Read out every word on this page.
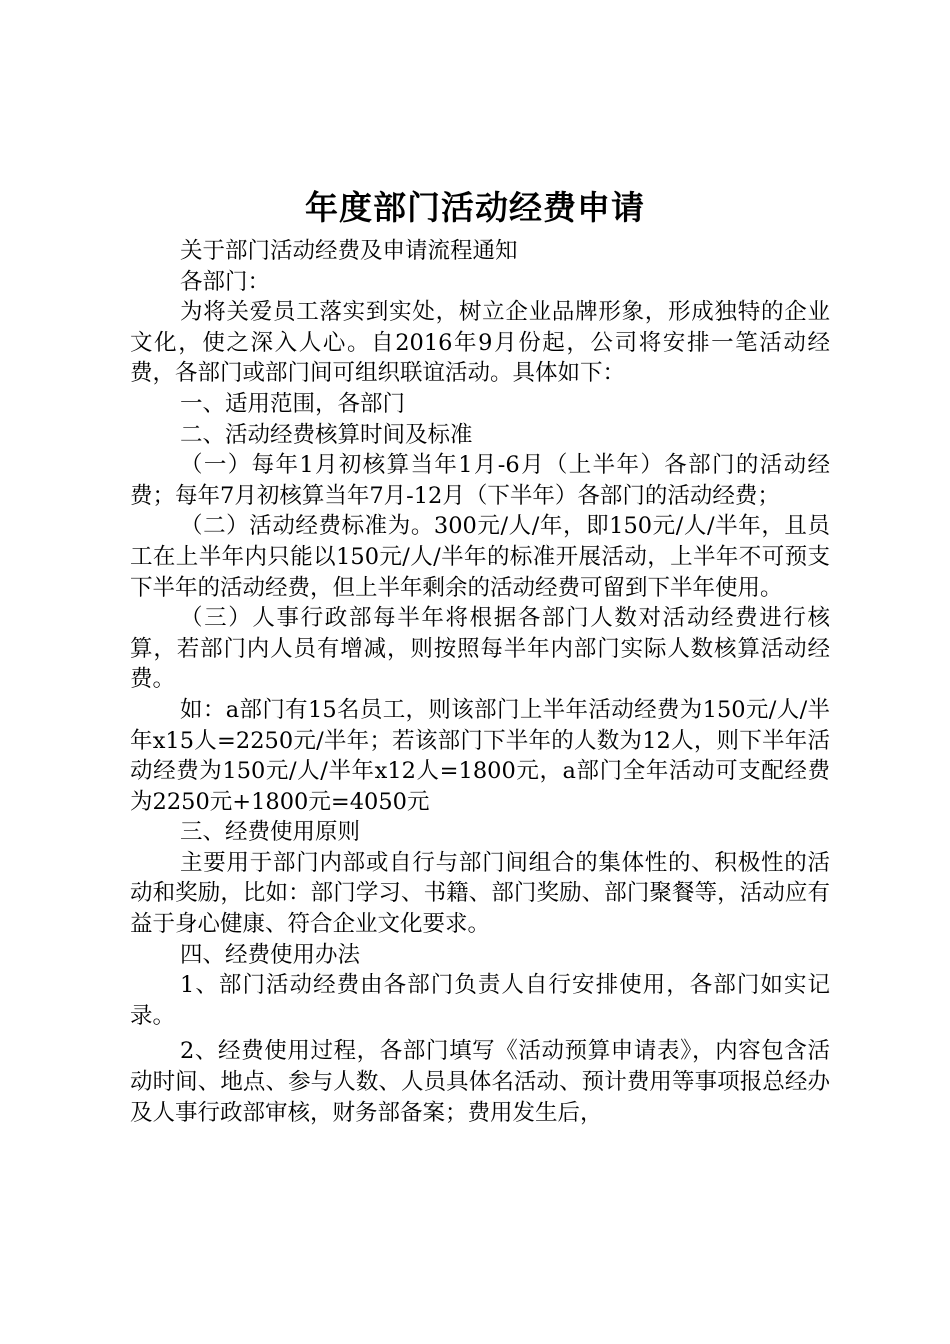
年度部门活动经费申请

关于部门活动经费及申请流程通知

各部门：

为将关爱员工落实到实处，树立企业品牌形象，形成独特的企业文化，使之深入人心。自2016年9月份起，公司将安排一笔活动经费，各部门或部门间可组织联谊活动。具体如下：

一、适用范围，各部门

二、活动经费核算时间及标准

（一）每年1月初核算当年1月-6月（上半年）各部门的活动经费；每年7月初核算当年7月-12月（下半年）各部门的活动经费；

（二）活动经费标准为。300元/人/年，即150元/人/半年，且员工在上半年内只能以150元/人/半年的标准开展活动，上半年不可预支下半年的活动经费，但上半年剩余的活动经费可留到下半年使用。

（三）人事行政部每半年将根据各部门人数对活动经费进行核算，若部门内人员有增减，则按照每半年内部门实际人数核算活动经费。

如：a部门有15名员工，则该部门上半年活动经费为150元/人/半年x15人=2250元/半年；若该部门下半年的人数为12人，则下半年活动经费为150元/人/半年x12人=1800元，a部门全年活动可支配经费为2250元+1800元=4050元

三、经费使用原则

主要用于部门内部或自行与部门间组合的集体性的、积极性的活动和奖励，比如：部门学习、书籍、部门奖励、部门聚餐等，活动应有益于身心健康、符合企业文化要求。

四、经费使用办法

1、部门活动经费由各部门负责人自行安排使用，各部门如实记录。

2、经费使用过程，各部门填写《活动预算申请表》，内容包含活动时间、地点、参与人数、人员具体名活动、预计费用等事项报总经办及人事行政部审核，财务部备案；费用发生后，
